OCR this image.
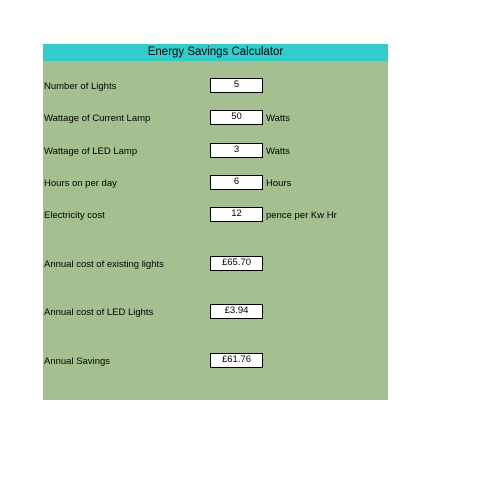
Energy Savings Calculator
Number of Lights	5
Wattage of Current Lamp	50	Watts
Wattage of LED Lamp	3	Watts
Hours on per day	6	Hours
Electricity cost	12	pence per Kw Hr
Annual cost of existing lights	£65.70
Annual cost of LED Lights	£3.94
Annual Savings	£61.76
